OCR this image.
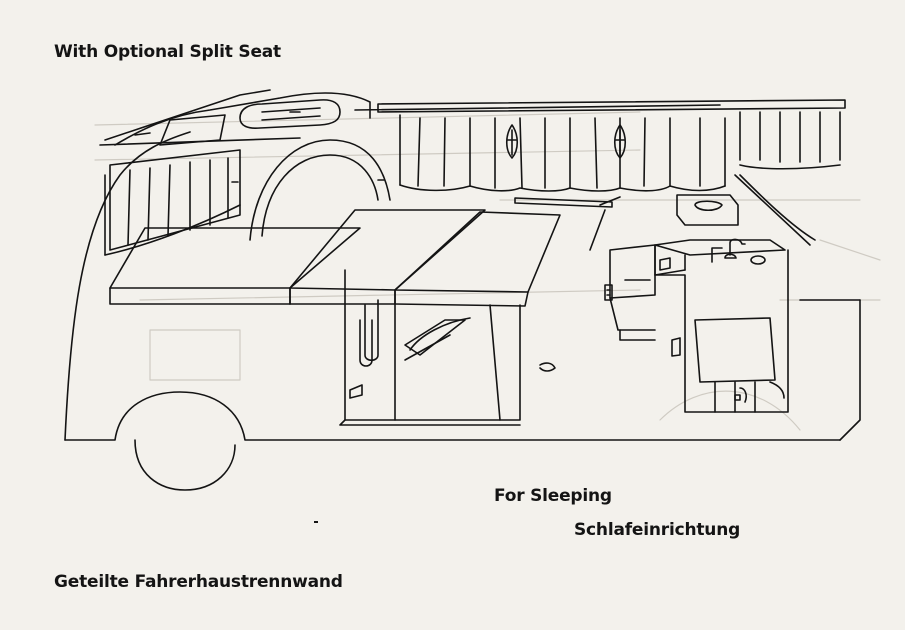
With Optional Split Seat

For Sleeping

Schlafeinrichtung

Geteilte Fahrerhaustrennwand
